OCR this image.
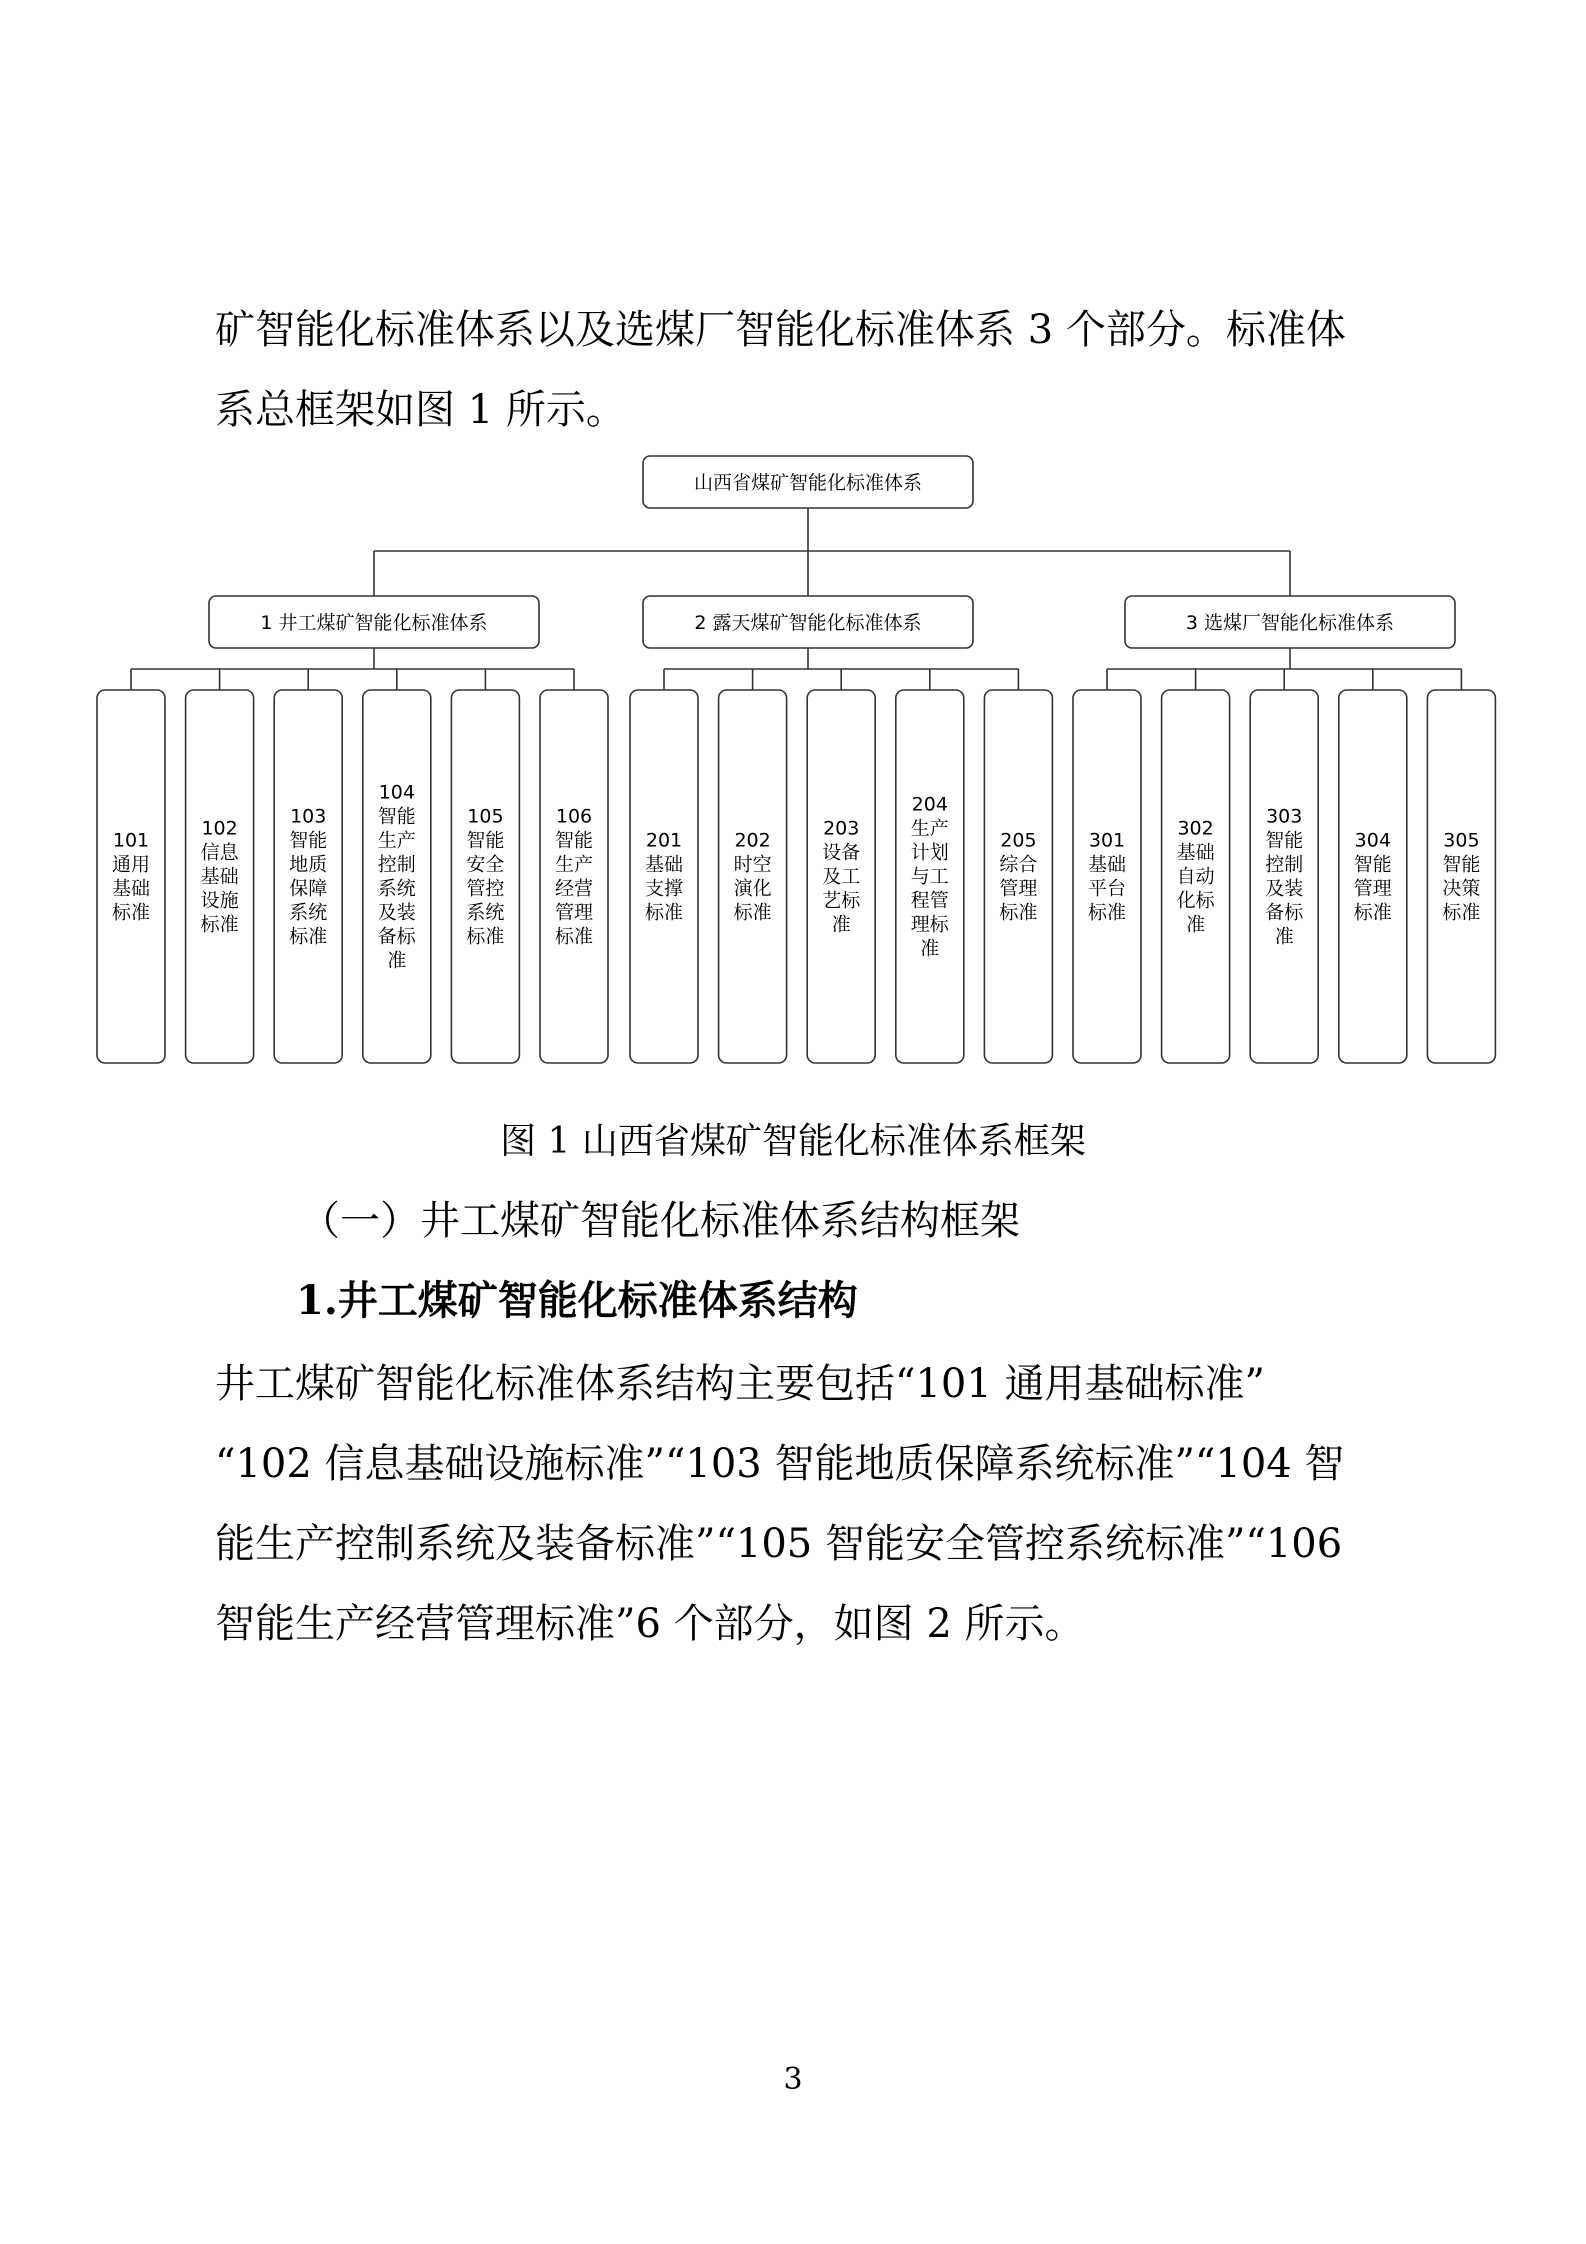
矿智能化标准体系以及选煤厂智能化标准体系 3 个部分。标准体

系总框架如图 1 所示。

山西省煤矿智能化标准体系
1 井工煤矿智能化标准体系
101 通用基础标准
102 信息基础设施标准
103 智能地质保障系统标准
104 智能生产控制系统及装备标准
105 智能安全管控系统标准
106 智能生产经营管理标准
2 露天煤矿智能化标准体系
201 基础支撑标准
202 时空演化标准
203 设备及工艺标准
204 生产计划与工程管理标准
205 综合管理标准
3 选煤厂智能化标准体系
301 基础平台标准
302 基础自动化标准
303 智能控制及装备标准
304 智能管理标准
305 智能决策标准
图 1 山西省煤矿智能化标准体系框架
（一）井工煤矿智能化标准体系结构框架
1.井工煤矿智能化标准体系结构

井工煤矿智能化标准体系结构主要包括“101 通用基础标准”

“102 信息基础设施标准”“103 智能地质保障系统标准”“104 智

能生产控制系统及装备标准”“105 智能安全管控系统标准”“106

智能生产经营管理标准”6 个部分，如图 2 所示。

3
